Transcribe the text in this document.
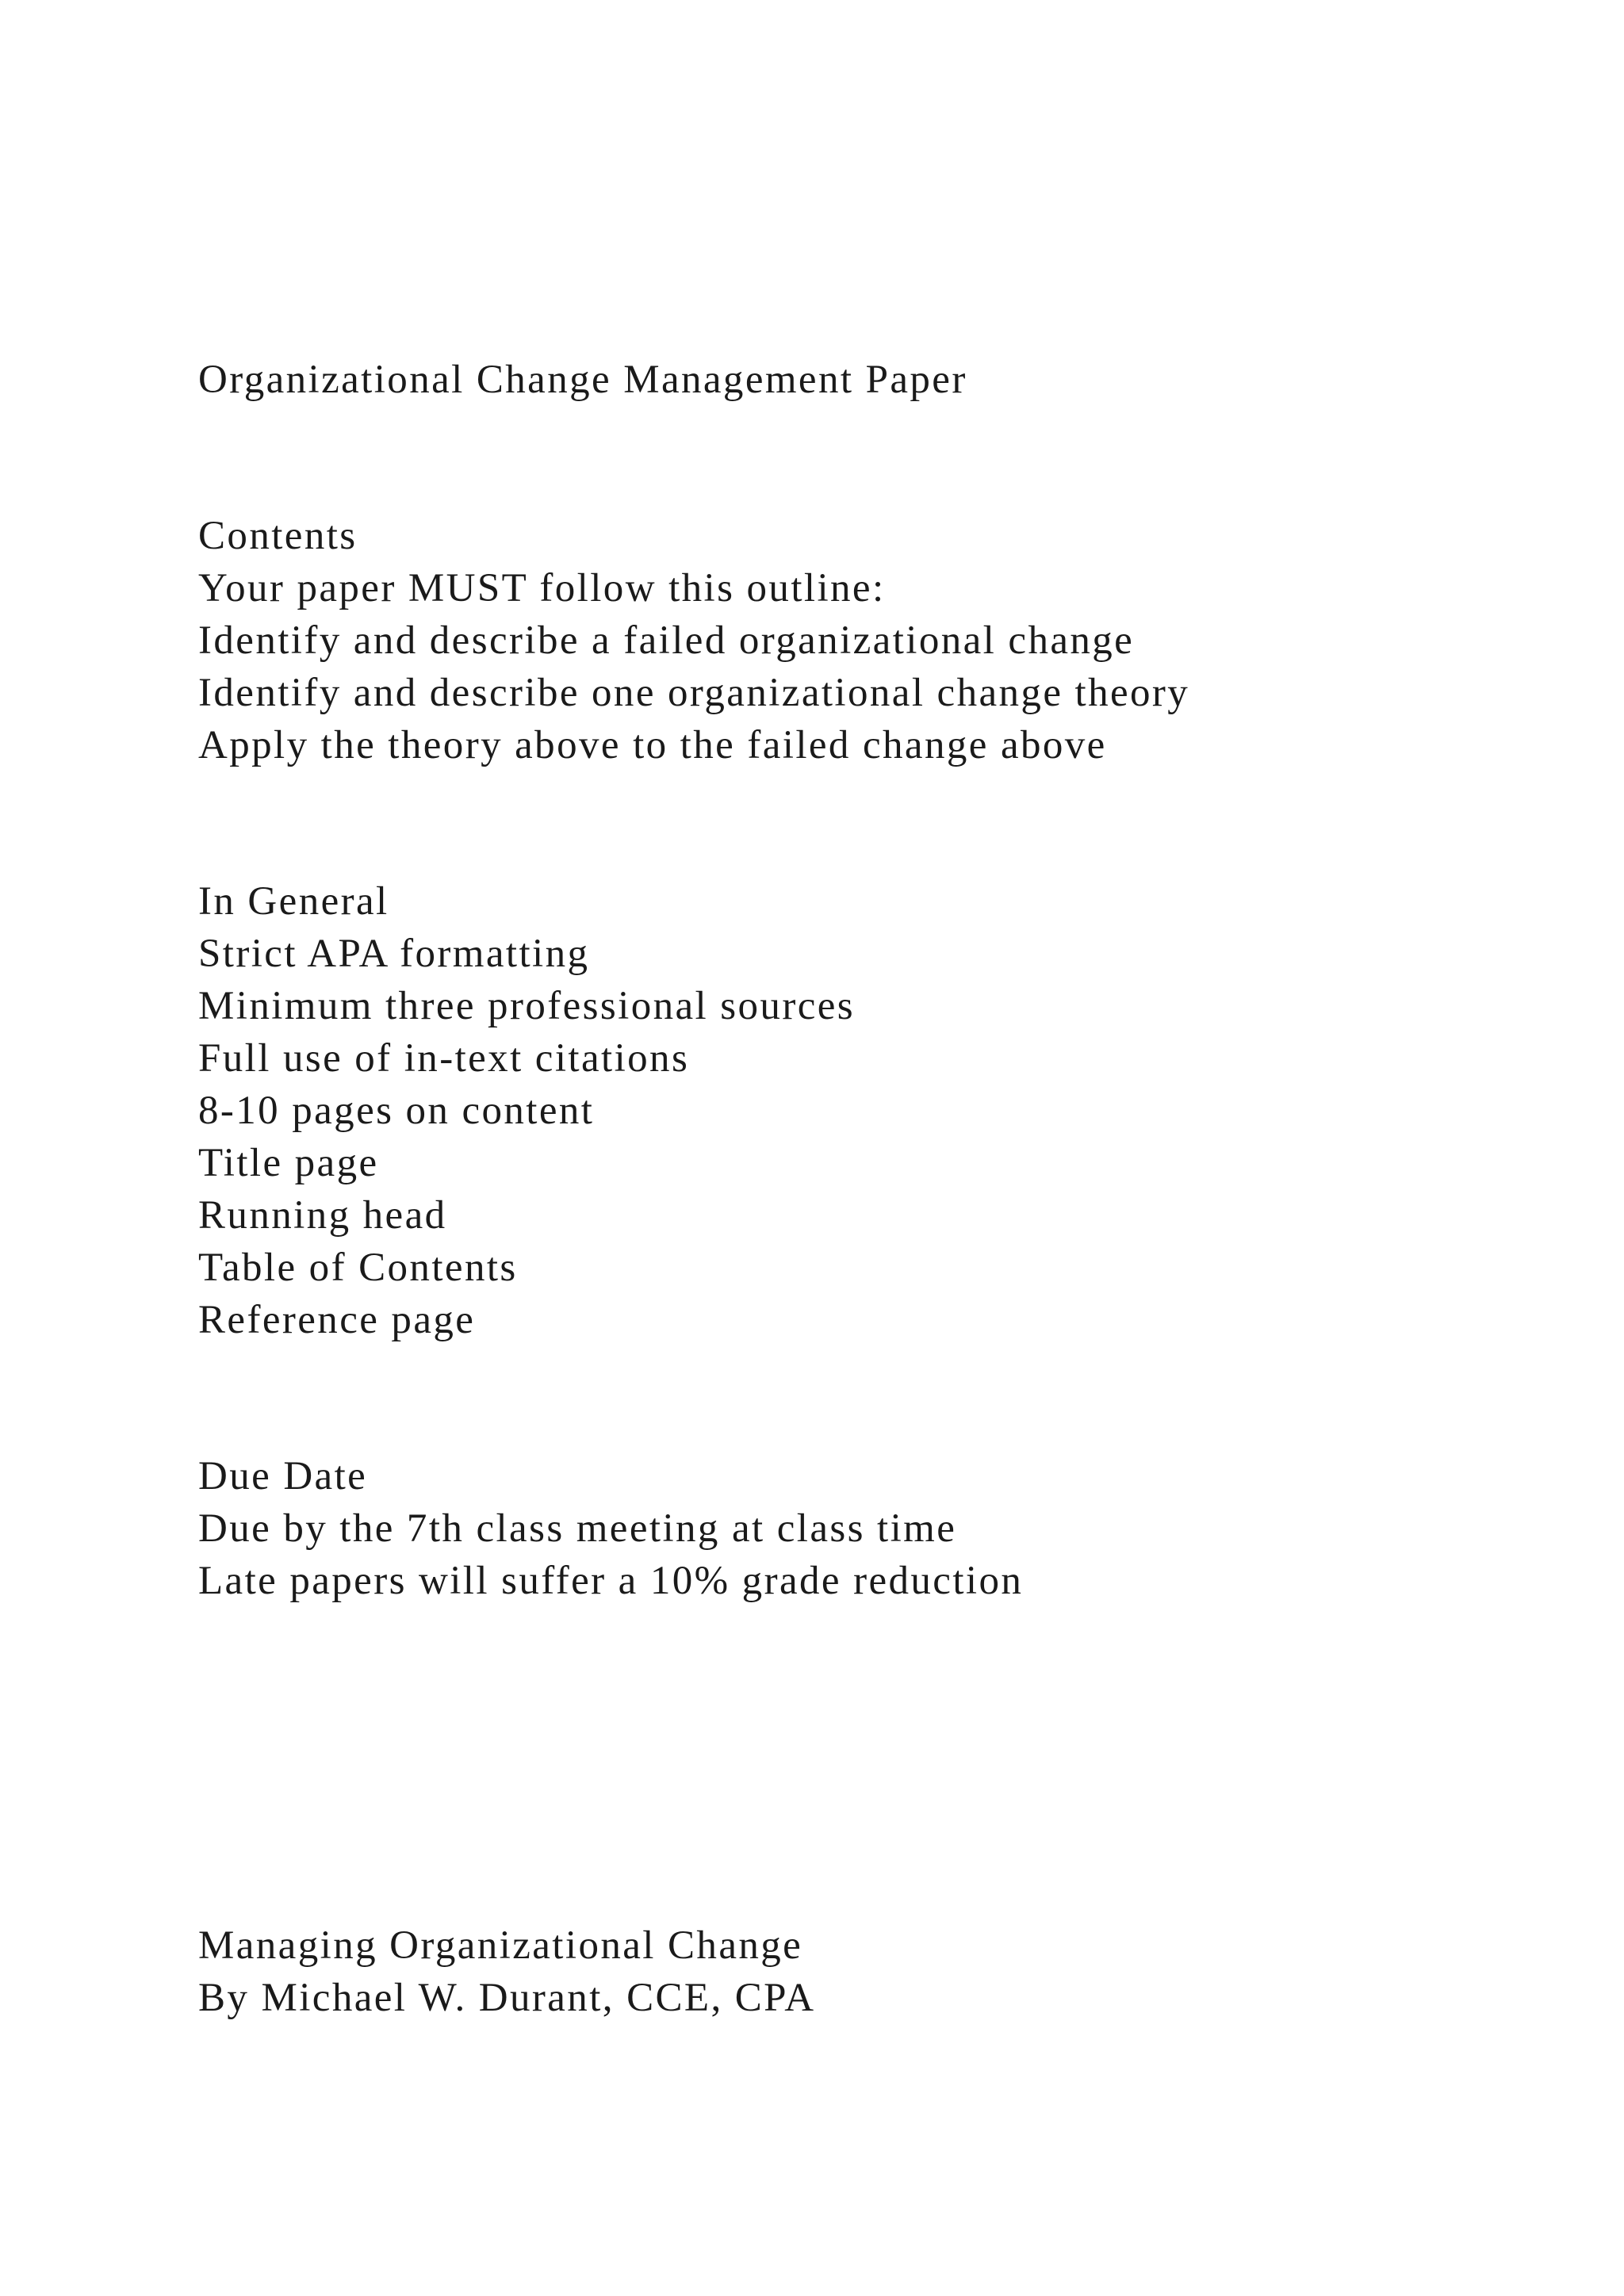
Organizational Change Management Paper

Contents

Your paper MUST follow this outline:

Identify and describe a failed organizational change

Identify and describe one organizational change theory

Apply the theory above to the failed change above

In General

Strict APA formatting

Minimum three professional sources

Full use of in-text citations

8-10 pages on content

Title page

Running head

Table of Contents

Reference page

Due Date

Due by the 7th class meeting at class time

Late papers will suffer a 10% grade reduction

Managing Organizational Change

By Michael W. Durant, CCE, CPA
